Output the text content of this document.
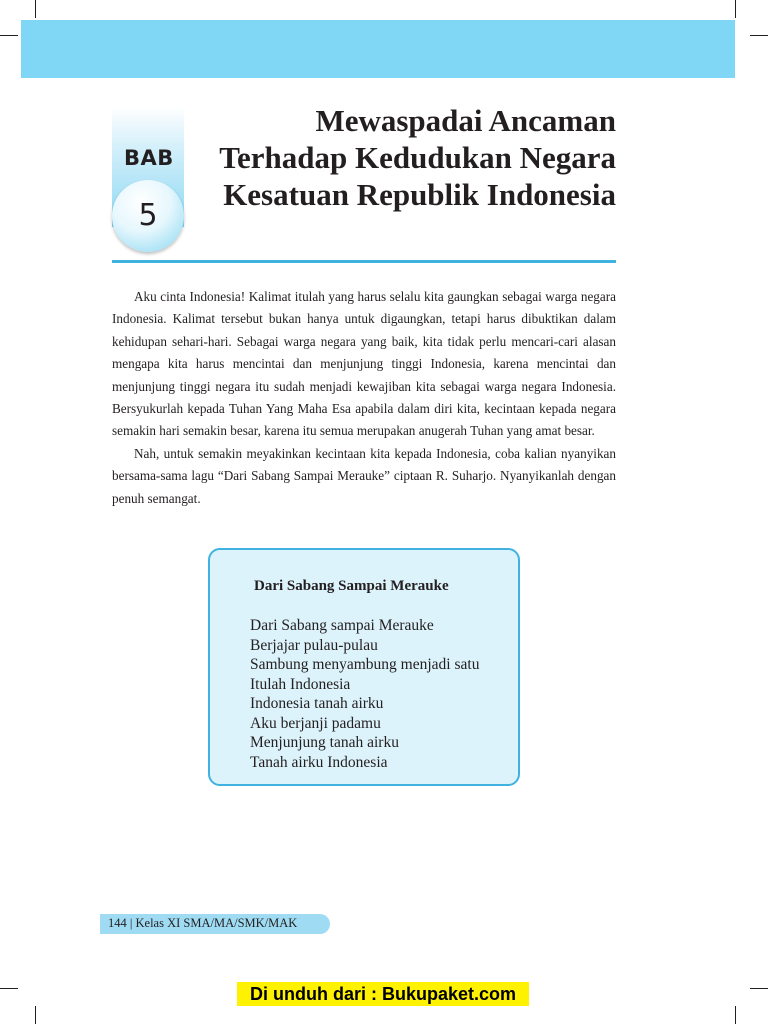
BAB
5
Mewaspadai Ancaman
Terhadap Kedudukan Negara
Kesatuan Republik Indonesia

Aku cinta Indonesia! Kalimat itulah yang harus selalu kita gaungkan sebagai warga negara Indonesia. Kalimat tersebut bukan hanya untuk digaungkan, tetapi harus dibuktikan dalam kehidupan sehari-hari. Sebagai warga negara yang baik, kita tidak perlu mencari-cari alasan mengapa kita harus mencintai dan menjunjung tinggi Indonesia, karena mencintai dan menjunjung tinggi negara itu sudah menjadi kewajiban kita sebagai warga negara Indonesia. Bersyukurlah kepada Tuhan Yang Maha Esa apabila dalam diri kita, kecintaan kepada negara semakin hari semakin besar, karena itu semua merupakan anugerah Tuhan yang amat besar.

Nah, untuk semakin meyakinkan kecintaan kita kepada Indonesia, coba kalian nyanyikan bersama-sama lagu “Dari Sabang Sampai Merauke” ciptaan R. Suharjo. Nyanyikanlah dengan penuh semangat.

Dari Sabang Sampai Merauke
Dari Sabang sampai Merauke
Berjajar pulau-pulau
Sambung menyambung menjadi satu
Itulah Indonesia
Indonesia tanah airku
Aku berjanji padamu
Menjunjung tanah airku
Tanah airku Indonesia
144 | Kelas XI SMA/MA/SMK/MAK
Di unduh dari : Bukupaket.com
